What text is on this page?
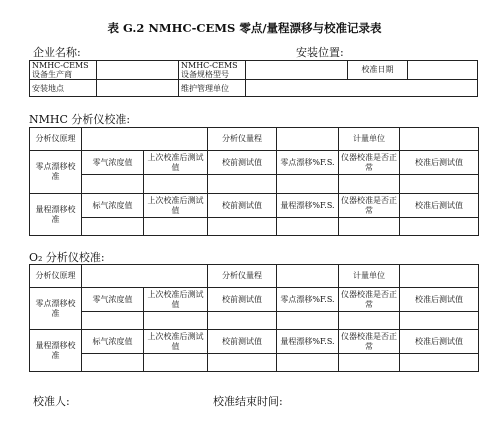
表 G.2 NMHC-CEMS 零点/量程漂移与校准记录表
企业名称:	安装位置:
NMHC-CEMS 设备生产商		NMHC-CEMS 设备规格型号		校准日期	
安装地点		维护管理单位			
NMHC 分析仪校准:
分析仪原理			分析仪量程		计量单位	
零点漂移校准	零气浓度值	上次校准后测试值	校前测试值	零点漂移%F.S.	仪器校准是否正常	校准后测试值

量程漂移校准	标气浓度值	上次校准后测试值	校前测试值	量程漂移%F.S.	仪器校准是否正常	校准后测试值

O₂ 分析仪校准:
分析仪原理			分析仪量程		计量单位	
零点漂移校准	零气浓度值	上次校准后测试值	校前测试值	零点漂移%F.S.	仪器校准是否正常	校准后测试值

量程漂移校准	标气浓度值	上次校准后测试值	校前测试值	量程漂移%F.S.	仪器校准是否正常	校准后测试值

校准人:	校准结束时间:
